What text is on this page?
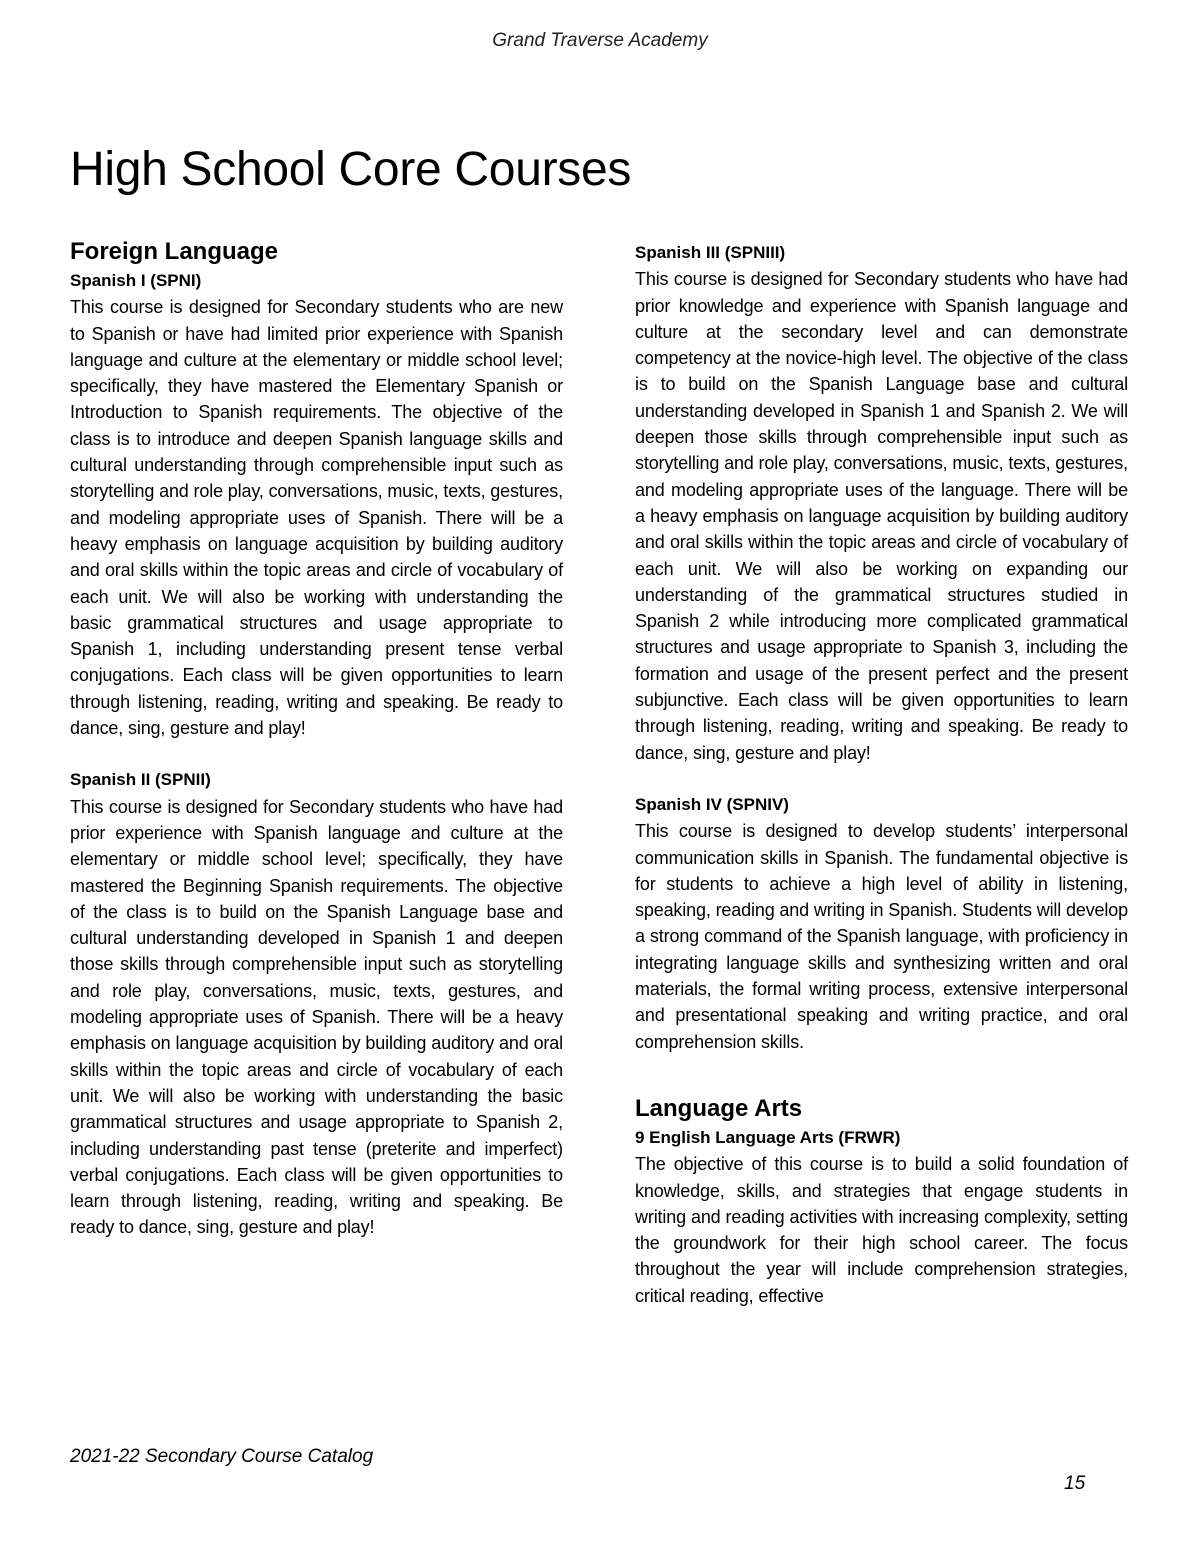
Grand Traverse Academy
High School Core Courses
Foreign Language
Spanish I (SPNI)

This course is designed for Secondary students who are new to Spanish or have had limited prior experience with Spanish language and culture at the elementary or middle school level; specifically, they have mastered the Elementary Spanish or Introduction to Spanish requirements. The objective of the class is to introduce and deepen Spanish language skills and cultural understanding through comprehensible input such as storytelling and role play, conversations, music, texts, gestures, and modeling appropriate uses of Spanish. There will be a heavy emphasis on language acquisition by building auditory and oral skills within the topic areas and circle of vocabulary of each unit. We will also be working with understanding the basic grammatical structures and usage appropriate to Spanish 1, including understanding present tense verbal conjugations. Each class will be given opportunities to learn through listening, reading, writing and speaking. Be ready to dance, sing, gesture and play!

Spanish II (SPNII)

This course is designed for Secondary students who have had prior experience with Spanish language and culture at the elementary or middle school level; specifically, they have mastered the Beginning Spanish requirements. The objective of the class is to build on the Spanish Language base and cultural understanding developed in Spanish 1 and deepen those skills through comprehensible input such as storytelling and role play, conversations, music, texts, gestures, and modeling appropriate uses of Spanish. There will be a heavy emphasis on language acquisition by building auditory and oral skills within the topic areas and circle of vocabulary of each unit. We will also be working with understanding the basic grammatical structures and usage appropriate to Spanish 2, including understanding past tense (preterite and imperfect) verbal conjugations. Each class will be given opportunities to learn through listening, reading, writing and speaking. Be ready to dance, sing, gesture and play!

Spanish III (SPNIII)

This course is designed for Secondary students who have had prior knowledge and experience with Spanish language and culture at the secondary level and can demonstrate competency at the novice-high level. The objective of the class is to build on the Spanish Language base and cultural understanding developed in Spanish 1 and Spanish 2. We will deepen those skills through comprehensible input such as storytelling and role play, conversations, music, texts, gestures, and modeling appropriate uses of the language. There will be a heavy emphasis on language acquisition by building auditory and oral skills within the topic areas and circle of vocabulary of each unit. We will also be working on expanding our understanding of the grammatical structures studied in Spanish 2 while introducing more complicated grammatical structures and usage appropriate to Spanish 3, including the formation and usage of the present perfect and the present subjunctive. Each class will be given opportunities to learn through listening, reading, writing and speaking. Be ready to dance, sing, gesture and play!

Spanish IV (SPNIV)

This course is designed to develop students’ interpersonal communication skills in Spanish. The fundamental objective is for students to achieve a high level of ability in listening, speaking, reading and writing in Spanish. Students will develop a strong command of the Spanish language, with proficiency in integrating language skills and synthesizing written and oral materials, the formal writing process, extensive interpersonal and presentational speaking and writing practice, and oral comprehension skills.

Language Arts
9 English Language Arts (FRWR)

The objective of this course is to build a solid foundation of knowledge, skills, and strategies that engage students in writing and reading activities with increasing complexity, setting the groundwork for their high school career. The focus throughout the year will include comprehension strategies, critical reading, effective

2021-22 Secondary Course Catalog
15
